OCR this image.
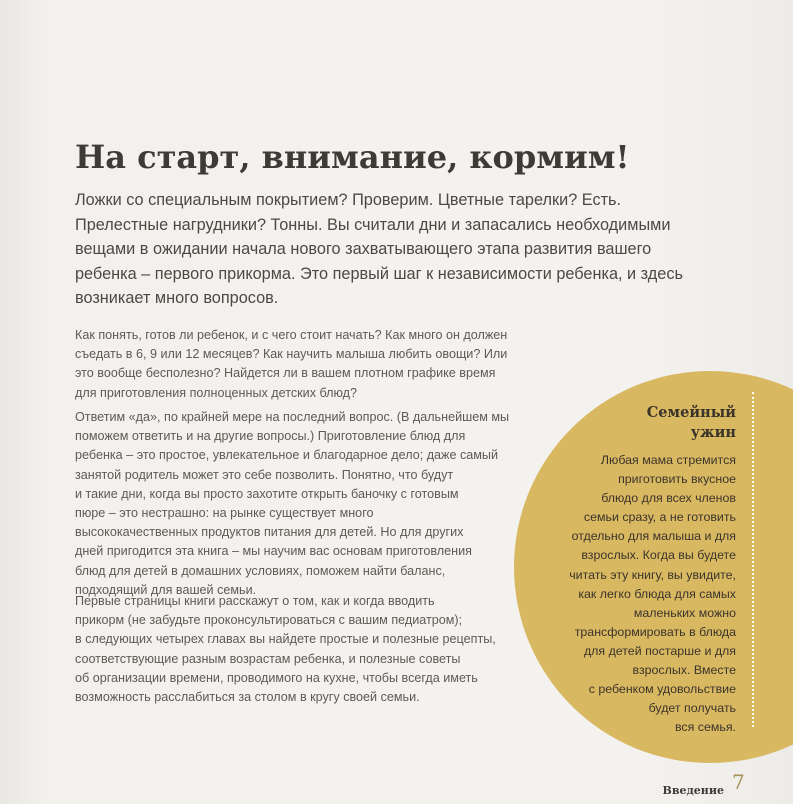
На старт, внимание, кормим!

Ложки со специальным покрытием? Проверим. Цветные тарелки? Есть.
Прелестные нагрудники? Тонны. Вы считали дни и запасались необходимыми
вещами в ожидании начала нового захватывающего этапа развития вашего
ребенка – первого прикорма. Это первый шаг к независимости ребенка, и здесь
возникает много вопросов.

Как понять, готов ли ребенок, и с чего стоит начать? Как много он должен
съедать в 6, 9 или 12 месяцев? Как научить малыша любить овощи? Или
это вообще бесполезно? Найдется ли в вашем плотном графике время
для приготовления полноценных детских блюд?

Ответим «да», по крайней мере на последний вопрос. (В дальнейшем мы
поможем ответить и на другие вопросы.) Приготовление блюд для
ребенка – это простое, увлекательное и благодарное дело; даже самый
занятой родитель может это себе позволить. Понятно, что будут
и такие дни, когда вы просто захотите открыть баночку с готовым
пюре – это нестрашно: на рынке существует много
высококачественных продуктов питания для детей. Но для других
дней пригодится эта книга – мы научим вас основам приготовления
блюд для детей в домашних условиях, поможем найти баланс,
подходящий для вашей семьи.

Первые страницы книги расскажут о том, как и когда вводить
прикорм (не забудьте проконсультироваться с вашим педиатром);
в следующих четырех главах вы найдете простые и полезные рецепты,
соответствующие разным возрастам ребенка, и полезные советы
об организации времени, проводимого на кухне, чтобы всегда иметь
возможность расслабиться за столом в кругу своей семьи.

Семейный
ужин

Любая мама стремится
приготовить вкусное
блюдо для всех членов
семьи сразу, а не готовить
отдельно для малыша и для
взрослых. Когда вы будете
читать эту книгу, вы увидите,
как легко блюда для самых
маленьких можно
трансформировать в блюда
для детей постарше и для
взрослых. Вместе
с ребенком удовольствие
будет получать
вся семья.

Введение 7
